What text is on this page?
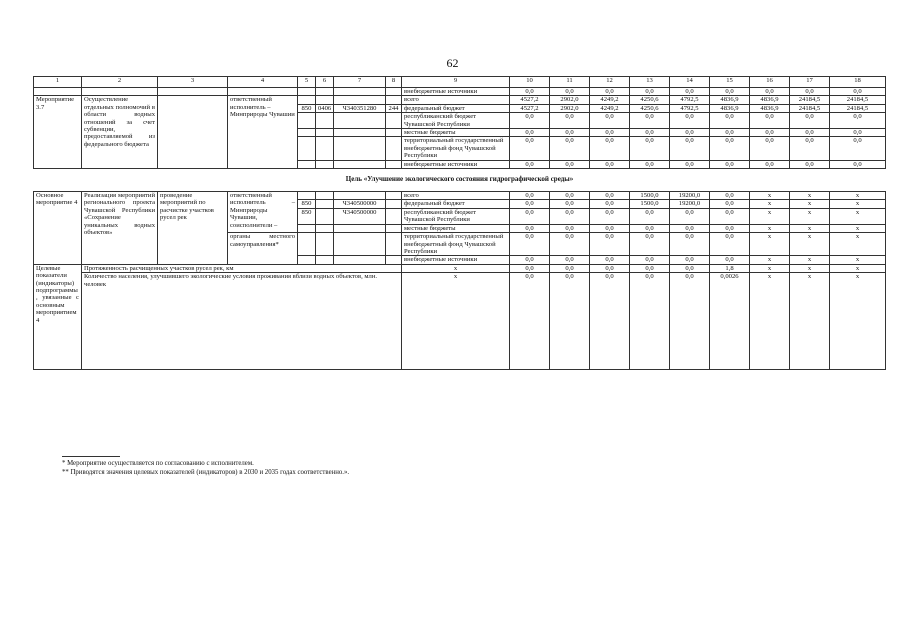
62
1	2	3	4	5	6	7	8	9	10	11	12	13	14	15	16	17	18
								внебюджетные источники	0,0	0,0	0,0	0,0	0,0	0,0	0,0	0,0	0,0
Мероприятие 3.7	Осуществление отдельных полномочий в области водных отношений за счет субвенции, предоставляемой из федерального бюджета		ответственный исполнитель – Минприроды Чувашии					всего	4527,2	2902,0	4249,2	4250,6	4792,5	4836,9	4836,9	24184,5	24184,5
				850	0406	Ч340351280	244	федеральный бюджет	4527,2	2902,0	4249,2	4250,6	4792,5	4836,9	4836,9	24184,5	24184,5
								республиканский бюджет Чувашской Республики	0,0	0,0	0,0	0,0	0,0	0,0	0,0	0,0	0,0
								местные бюджеты	0,0	0,0	0,0	0,0	0,0	0,0	0,0	0,0	0,0
								территориальный государственный внебюджетный фонд Чувашской Республики	0,0	0,0	0,0	0,0	0,0	0,0	0,0	0,0	0,0
								внебюджетные источники	0,0	0,0	0,0	0,0	0,0	0,0	0,0	0,0	0,0
Цель «Улучшение экологического состояния гидрографической среды»																	
Основное мероприятие 4	Реализация мероприятий регионального проекта Чувашской Республики «Сохранение уникальных водных объектов»	проведение мероприятий по расчистке участков русел рек	ответственный исполнитель – Минприроды Чувашии, соисполнители –					всего	0,0	0,0	0,0	1500,0	19200,0	0,0	x	x	x
				850		Ч340500000		федеральный бюджет	0,0	0,0	0,0	1500,0	19200,0	0,0	x	x	x
				850		Ч340500000		республиканский бюджет Чувашской Республики	0,0	0,0	0,0	0,0	0,0	0,0	x	x	x
								местные бюджеты	0,0	0,0	0,0	0,0	0,0	0,0	x	x	x
			органы местного самоуправления*					территориальный государственный внебюджетный фонд Чувашской Республики	0,0	0,0	0,0	0,0	0,0	0,0	x	x	x
								внебюджетные источники	0,0	0,0	0,0	0,0	0,0	0,0	x	x	x
Целевые показатели (индикаторы) подпрограммы, увязанные с основным мероприятием 4	Протяженность расчищенных участков русел рек, км							x	0,0	0,0	0,0	0,0	0,0	1,8	x	x	x
	Количество населения, улучшившего экологические условия проживания вблизи водных объектов, млн. человек							x	0,0	0,0	0,0	0,0	0,0	0,0026	x	x	x
* Мероприятие осуществляется по согласованию с исполнителем.
** Приводятся значения целевых показателей (индикаторов) в 2030 и 2035 годах соответственно.».
